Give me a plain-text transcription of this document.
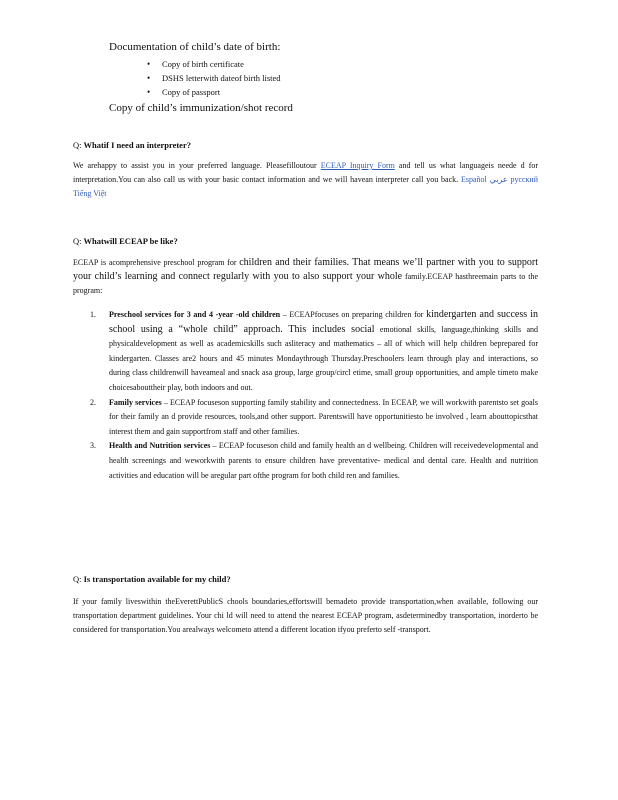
Documentation of child’s date of birth:
• Copy of birth certificate
• DSHS letterwith dateof birth listed
• Copy of passport
Copy of child’s immunization/shot record
Q: Whatif I need an interpreter?
We arehappy to assist you in your preferred language. Pleasefilloutour ECEAP Inquiry Form and tell us what languageis neede d for interpretation.You can also call us with your basic contact information and we will havean interpreter call you back. Español عربي русский Tiếng Việt
Q: Whatwill ECEAP be like?
ECEAP is acomprehensive preschool program for children and their families. That means we’ll partner with you to support your child’s learning and connect regularly with you to also support your whole family.ECEAP hasthreemain parts to the program:
1. Preschool services for 3 and 4 -year -old children – ECEAPfocuses on preparing children for kindergarten and success in school using a “whole child” approach. This includes social emotional skills, language,thinking skills and physicaldevelopment as well as academicskills such asliteracy and mathematics – all of which will help children beprepared for kindergarten. Classes are2 hours and 45 minutes Mondaythrough Thursday.Preschoolers learn through play and interactions, so during class childrenwill haveameal and snack asa group, large group/circl etime, small group opportunities, and ample timeto make choicesabouttheir play, both indoors and out.
2. Family services – ECEAP focuseson supporting family stability and connectedness. In ECEAP, we will workwith parentsto set goals for their family an d provide resources, tools,and other support. Parentswill have opportunitiesto be involved , learn abouttopicsthat interest them and gain supportfrom staff and other families.
3. Health and Nutrition services – ECEAP focuseson child and family health an d wellbeing. Children will receivedevelopmental and health screenings and weworkwith parents to ensure children have preventative- medical and dental care. Health and nutrition activities and education will be aregular part ofthe program for both child ren and families.
Q: Is transportation available for my child?
If your family liveswithin theEverettPublicS chools boundaries,effortswill bemadeto provide transportation,when available, following our transportation department guidelines. Your chi ld will need to attend the nearest ECEAP program, asdeterminedby transportation, inorderto be considered for transportation.You arealways welcometo attend a different location ifyou preferto self -transport.
